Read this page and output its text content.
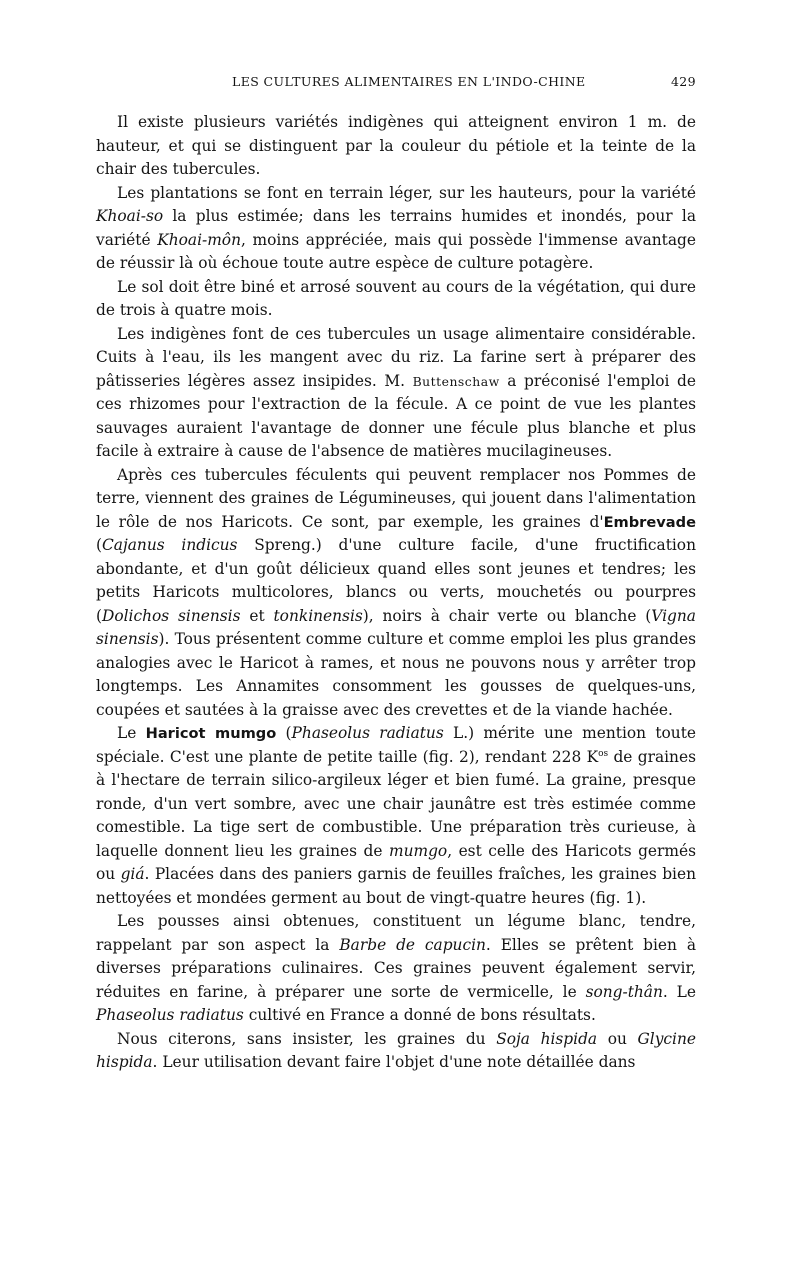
LES CULTURES ALIMENTAIRES EN L'INDO-CHINE	429

Il existe plusieurs variétés indigènes qui atteignent environ 1 m. de hauteur, et qui se distinguent par la couleur du pétiole et la teinte de la chair des tubercules.

Les plantations se font en terrain léger, sur les hauteurs, pour la variété Khoai-so la plus estimée; dans les terrains humides et inondés, pour la variété Khoai-môn, moins appréciée, mais qui possède l'immense avantage de réussir là où échoue toute autre espèce de culture potagère.

Le sol doit être biné et arrosé souvent au cours de la végétation, qui dure de trois à quatre mois.

Les indigènes font de ces tubercules un usage alimentaire considérable. Cuits à l'eau, ils les mangent avec du riz. La farine sert à préparer des pâtisseries légères assez insipides. M. Buttenschaw a préconisé l'emploi de ces rhizomes pour l'extraction de la fécule. A ce point de vue les plantes sauvages auraient l'avantage de donner une fécule plus blanche et plus facile à extraire à cause de l'absence de matières mucilagineuses.

Après ces tubercules féculents qui peuvent remplacer nos Pommes de terre, viennent des graines de Légumineuses, qui jouent dans l'alimentation le rôle de nos Haricots. Ce sont, par exemple, les graines d'Embrevade (Cajanus indicus Spreng.) d'une culture facile, d'une fructification abondante, et d'un goût délicieux quand elles sont jeunes et tendres; les petits Haricots multicolores, blancs ou verts, mouchetés ou pourpres (Dolichos sinensis et tonkinensis), noirs à chair verte ou blanche (Vigna sinensis). Tous présentent comme culture et comme emploi les plus grandes analogies avec le Haricot à rames, et nous ne pouvons nous y arrêter trop longtemps. Les Annamites consomment les gousses de quelques-uns, coupées et sautées à la graisse avec des crevettes et de la viande hachée.

Le Haricot mumgo (Phaseolus radiatus L.) mérite une mention toute spéciale. C'est une plante de petite taille (fig. 2), rendant 228 $K^{os}$ de graines à l'hectare de terrain silico-argileux léger et bien fumé. La graine, presque ronde, d'un vert sombre, avec une chair jaunâtre est très estimée comme comestible. La tige sert de combustible. Une préparation très curieuse, à laquelle donnent lieu les graines de mumgo, est celle des Haricots germés ou giá. Placées dans des paniers garnis de feuilles fraîches, les graines bien nettoyées et mondées germent au bout de vingt-quatre heures (fig. 1).

Les pousses ainsi obtenues, constituent un légume blanc, tendre, rappelant par son aspect la Barbe de capucin. Elles se prêtent bien à diverses préparations culinaires. Ces graines peuvent également servir, réduites en farine, à préparer une sorte de vermicelle, le song-thân. Le Phaseolus radiatus cultivé en France a donné de bons résultats.

Nous citerons, sans insister, les graines du Soja hispida ou Glycine hispida. Leur utilisation devant faire l'objet d'une note détaillée dans
